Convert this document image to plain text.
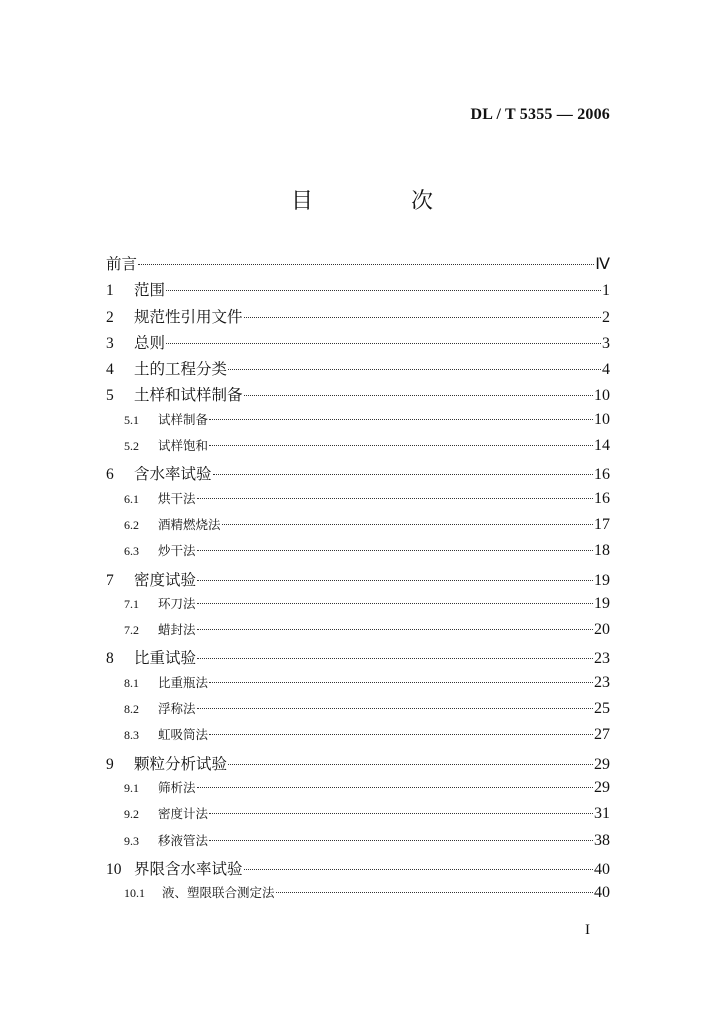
DL / T 5355 — 2006
目　次
前言	Ⅳ
1	范围	1
2	规范性引用文件	2
3	总则	3
4	土的工程分类	4
5	土样和试样制备	10
5.1	试样制备	10
5.2	试样饱和	14
6	含水率试验	16
6.1	烘干法	16
6.2	酒精燃烧法	17
6.3	炒干法	18
7	密度试验	19
7.1	环刀法	19
7.2	蜡封法	20
8	比重试验	23
8.1	比重瓶法	23
8.2	浮称法	25
8.3	虹吸筒法	27
9	颗粒分析试验	29
9.1	筛析法	29
9.2	密度计法	31
9.3	移液管法	38
10 界限含水率试验	40
10.1	液、塑限联合测定法	40
I
